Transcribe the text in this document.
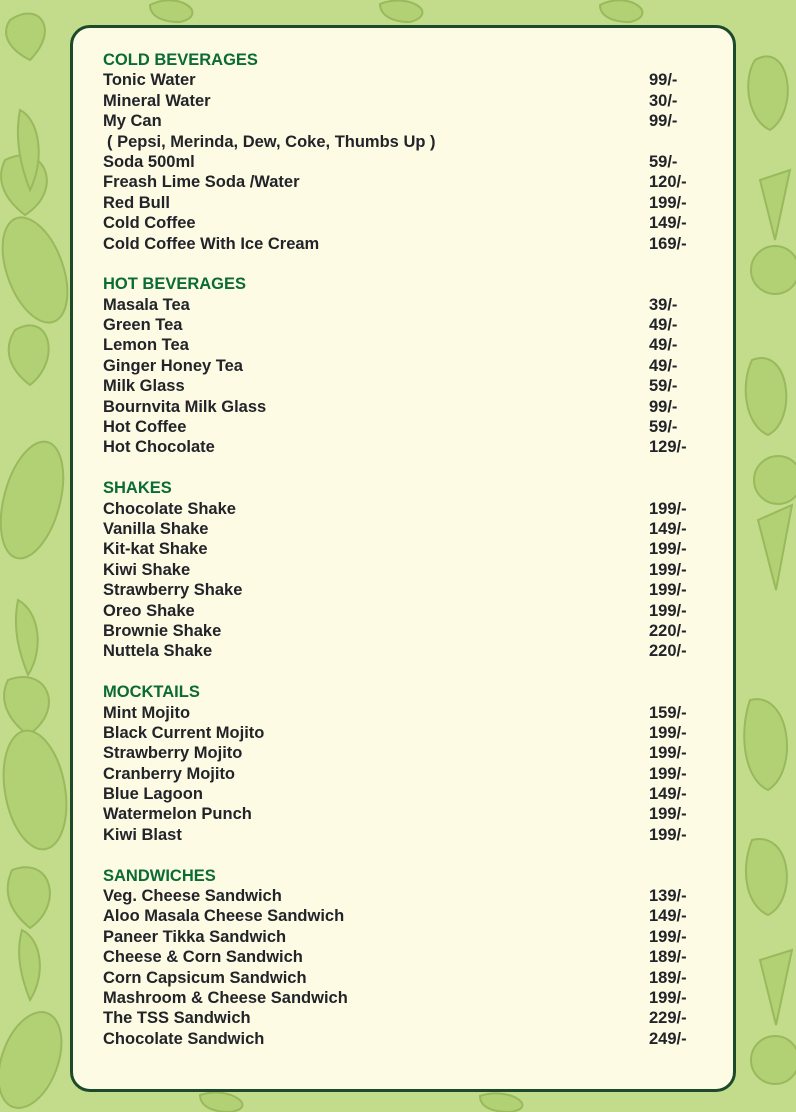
COLD BEVERAGES
Tonic Water	99/-
Mineral Water	30/-
My Can	99/-
( Pepsi, Merinda, Dew, Coke, Thumbs Up )
Soda 500ml	59/-
Freash Lime Soda /Water	120/-
Red Bull	199/-
Cold Coffee	149/-
Cold Coffee With Ice Cream	169/-
HOT BEVERAGES
Masala Tea	39/-
Green Tea	49/-
Lemon Tea	49/-
Ginger Honey Tea	49/-
Milk Glass	59/-
Bournvita Milk Glass	99/-
Hot Coffee	59/-
Hot Chocolate	129/-
SHAKES
Chocolate Shake	199/-
Vanilla Shake	149/-
Kit-kat Shake	199/-
Kiwi Shake	199/-
Strawberry Shake	199/-
Oreo Shake	199/-
Brownie Shake	220/-
Nuttela Shake	220/-
MOCKTAILS
Mint Mojito	159/-
Black Current Mojito	199/-
Strawberry Mojito	199/-
Cranberry Mojito	199/-
Blue Lagoon	149/-
Watermelon Punch	199/-
Kiwi Blast	199/-
SANDWICHES
Veg. Cheese Sandwich	139/-
Aloo Masala Cheese Sandwich	149/-
Paneer Tikka Sandwich	199/-
Cheese & Corn Sandwich	189/-
Corn Capsicum Sandwich	189/-
Mashroom & Cheese Sandwich	199/-
The TSS Sandwich	229/-
Chocolate Sandwich	249/-
